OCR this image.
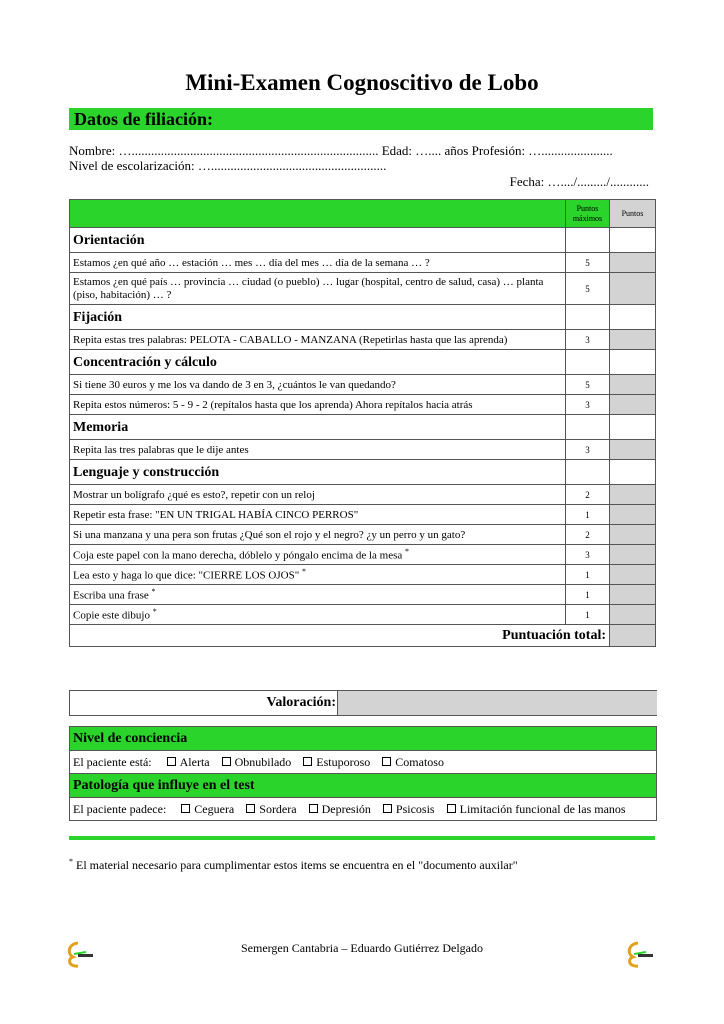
Mini-Examen Cognoscitivo de Lobo
Datos de filiación:
Nombre: …............................................................................ Edad: ….... años Profesión: …......................
Nivel de escolarización: …......................................................
Fecha: …..../........./............
	Puntos máximos	Puntos
Orientación		
Estamos ¿en qué año … estación … mes … día del mes … día de la semana … ?	5	
Estamos ¿en qué país … provincia … ciudad (o pueblo) … lugar (hospital, centro de salud, casa) … planta (piso, habitación) … ?	5	
Fijación		
Repita estas tres palabras: PELOTA - CABALLO - MANZANA (Repetirlas hasta que las aprenda)	3	
Concentración y cálculo		
Si tiene 30 euros y me los va dando de 3 en 3, ¿cuántos le van quedando?	5	
Repita estos números: 5 - 9 - 2 (repítalos hasta que los aprenda) Ahora repítalos hacia atrás	3	
Memoria		
Repita las tres palabras que le dije antes	3	
Lenguaje y construcción		
Mostrar un bolígrafo ¿qué es esto?, repetir con un reloj	2	
Repetir esta frase: "EN UN TRIGAL HABÍA CINCO PERROS"	1	
Si una manzana y una pera son frutas ¿Qué son el rojo y el negro? ¿y un perro y un gato?	2	
Coja este papel con la mano derecha, dóblelo y póngalo encima de la mesa *	3	
Lea esto y haga lo que dice: "CIERRE LOS OJOS" *	1	
Escriba una frase *	1	
Copie este dibujo *	1	
Puntuación total:		
Valoración:
Nivel de conciencia
El paciente está: Alerta Obnubilado Estuporoso Comatoso
Patología que influye en el test
El paciente padece: Ceguera Sordera Depresión Psicosis Limitación funcional de las manos
* El material necesario para cumplimentar estos items se encuentra en el "documento auxilar"
Semergen Cantabria – Eduardo Gutiérrez Delgado
